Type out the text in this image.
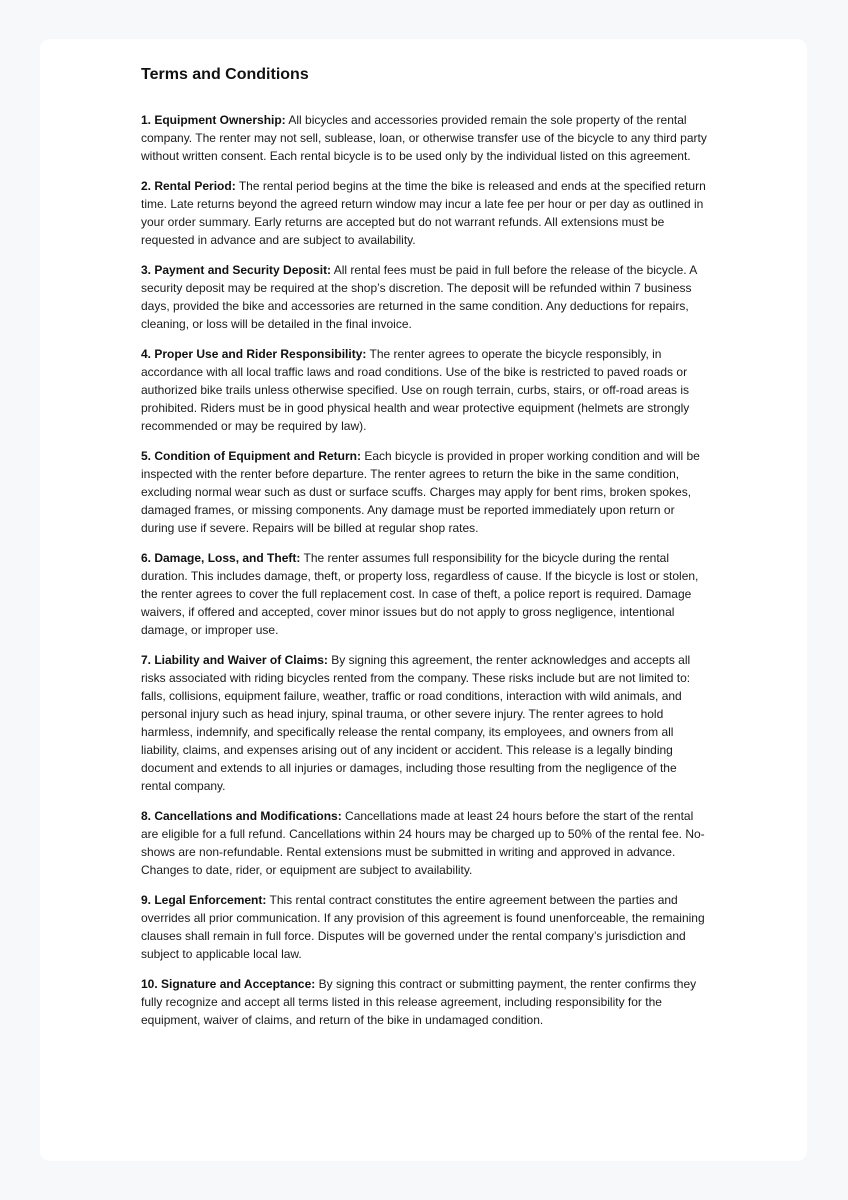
Terms and Conditions

1. Equipment Ownership: All bicycles and accessories provided remain the sole property of the rental company. The renter may not sell, sublease, loan, or otherwise transfer use of the bicycle to any third party without written consent. Each rental bicycle is to be used only by the individual listed on this agreement.

2. Rental Period: The rental period begins at the time the bike is released and ends at the specified return time. Late returns beyond the agreed return window may incur a late fee per hour or per day as outlined in your order summary. Early returns are accepted but do not warrant refunds. All extensions must be requested in advance and are subject to availability.

3. Payment and Security Deposit: All rental fees must be paid in full before the release of the bicycle. A security deposit may be required at the shop’s discretion. The deposit will be refunded within 7 business days, provided the bike and accessories are returned in the same condition. Any deductions for repairs, cleaning, or loss will be detailed in the final invoice.

4. Proper Use and Rider Responsibility: The renter agrees to operate the bicycle responsibly, in accordance with all local traffic laws and road conditions. Use of the bike is restricted to paved roads or authorized bike trails unless otherwise specified. Use on rough terrain, curbs, stairs, or off-road areas is prohibited. Riders must be in good physical health and wear protective equipment (helmets are strongly recommended or may be required by law).

5. Condition of Equipment and Return: Each bicycle is provided in proper working condition and will be inspected with the renter before departure. The renter agrees to return the bike in the same condition, excluding normal wear such as dust or surface scuffs. Charges may apply for bent rims, broken spokes, damaged frames, or missing components. Any damage must be reported immediately upon return or during use if severe. Repairs will be billed at regular shop rates.

6. Damage, Loss, and Theft: The renter assumes full responsibility for the bicycle during the rental duration. This includes damage, theft, or property loss, regardless of cause. If the bicycle is lost or stolen, the renter agrees to cover the full replacement cost. In case of theft, a police report is required. Damage waivers, if offered and accepted, cover minor issues but do not apply to gross negligence, intentional damage, or improper use.

7. Liability and Waiver of Claims: By signing this agreement, the renter acknowledges and accepts all risks associated with riding bicycles rented from the company. These risks include but are not limited to: falls, collisions, equipment failure, weather, traffic or road conditions, interaction with wild animals, and personal injury such as head injury, spinal trauma, or other severe injury. The renter agrees to hold harmless, indemnify, and specifically release the rental company, its employees, and owners from all liability, claims, and expenses arising out of any incident or accident. This release is a legally binding document and extends to all injuries or damages, including those resulting from the negligence of the rental company.

8. Cancellations and Modifications: Cancellations made at least 24 hours before the start of the rental are eligible for a full refund. Cancellations within 24 hours may be charged up to 50% of the rental fee. No-shows are non-refundable. Rental extensions must be submitted in writing and approved in advance. Changes to date, rider, or equipment are subject to availability.

9. Legal Enforcement: This rental contract constitutes the entire agreement between the parties and overrides all prior communication. If any provision of this agreement is found unenforceable, the remaining clauses shall remain in full force. Disputes will be governed under the rental company’s jurisdiction and subject to applicable local law.

10. Signature and Acceptance: By signing this contract or submitting payment, the renter confirms they fully recognize and accept all terms listed in this release agreement, including responsibility for the equipment, waiver of claims, and return of the bike in undamaged condition.
